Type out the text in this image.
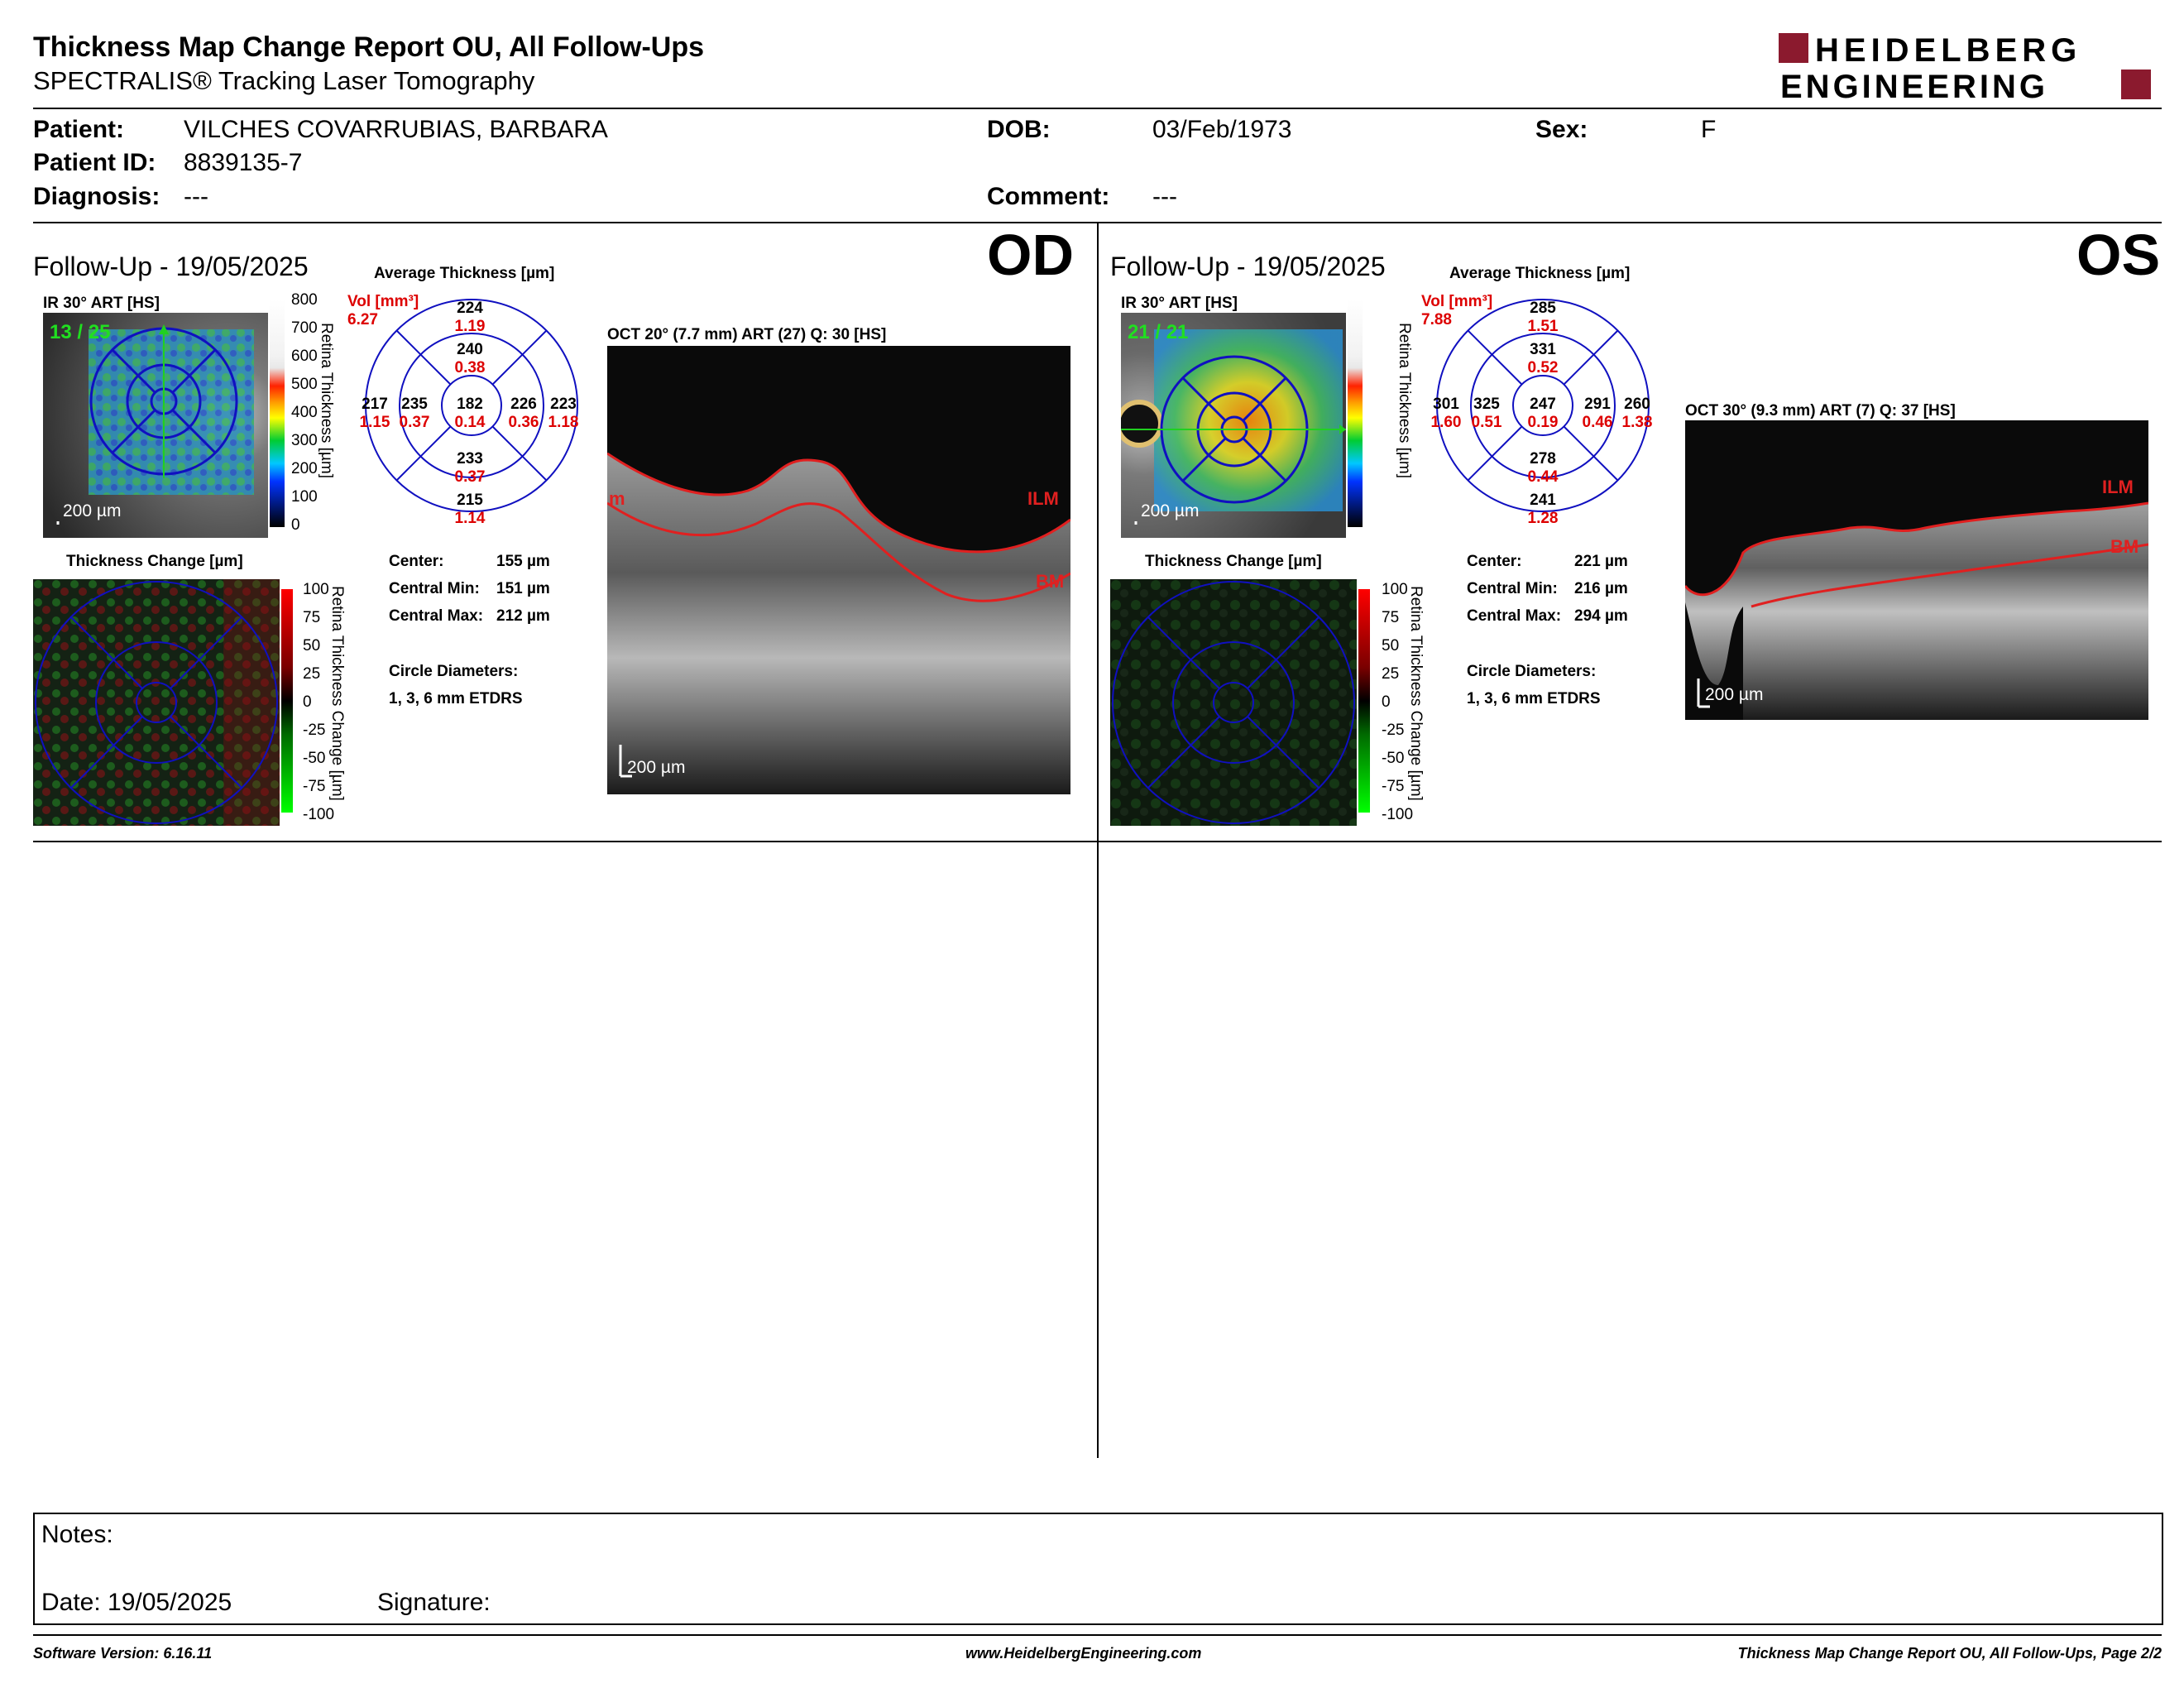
Thickness Map Change Report OU, All Follow-Ups
SPECTRALIS® Tracking Laser Tomography
HEIDELBERG
ENGINEERING
Patient: VILCHES COVARRUBIAS, BARBARA
Patient ID: 8839135-7
Diagnosis: ---
DOB:	03/Feb/1973
Comment: ---
Sex:	F
Follow-Up - 19/05/2025	OD
IR 30° ART [HS]
13 / 25
200 µm
800
700
600
500
400
300
200
100
0
Retina Thickness [µm]
Average Thickness [µm]
Vol [mm³]
6.27
224
1.19
240
0.38
217
1.15
235
0.37
182
0.14
226
0.36
223
1.18
233
0.37
215
1.14
Thickness Change [µm]
100
75
50
25
0
-25
-50
-75
-100
Retina Thickness Change [µm]
Center:	155 µm
Central Min: 151 µm
Central Max: 212 µm
Circle Diameters:
1, 3, 6 mm ETDRS
OCT 20° (7.7 mm) ART (27) Q: 30 [HS]
ILM
BM
m
200 µm
Follow-Up - 19/05/2025	OS
IR 30° ART [HS]
21 / 21
200 µm
Retina Thickness [µm]
Average Thickness [µm]
Vol [mm³]
7.88
285
1.51
331
0.52
301
1.60
325
0.51
247
0.19
291
0.46
260
1.38
278
0.44
241
1.28
Thickness Change [µm]
100
75
50
25
0
-25
-50
-75
-100
Retina Thickness Change [µm]
Center:	221 µm
Central Min: 216 µm
Central Max: 294 µm
Circle Diameters:
1, 3, 6 mm ETDRS
OCT 30° (9.3 mm) ART (7) Q: 37 [HS]
ILM
BM
200 µm
Notes:
Date: 19/05/2025	Signature:
Software Version: 6.16.11	www.HeidelbergEngineering.com	Thickness Map Change Report OU, All Follow-Ups, Page 2/2
